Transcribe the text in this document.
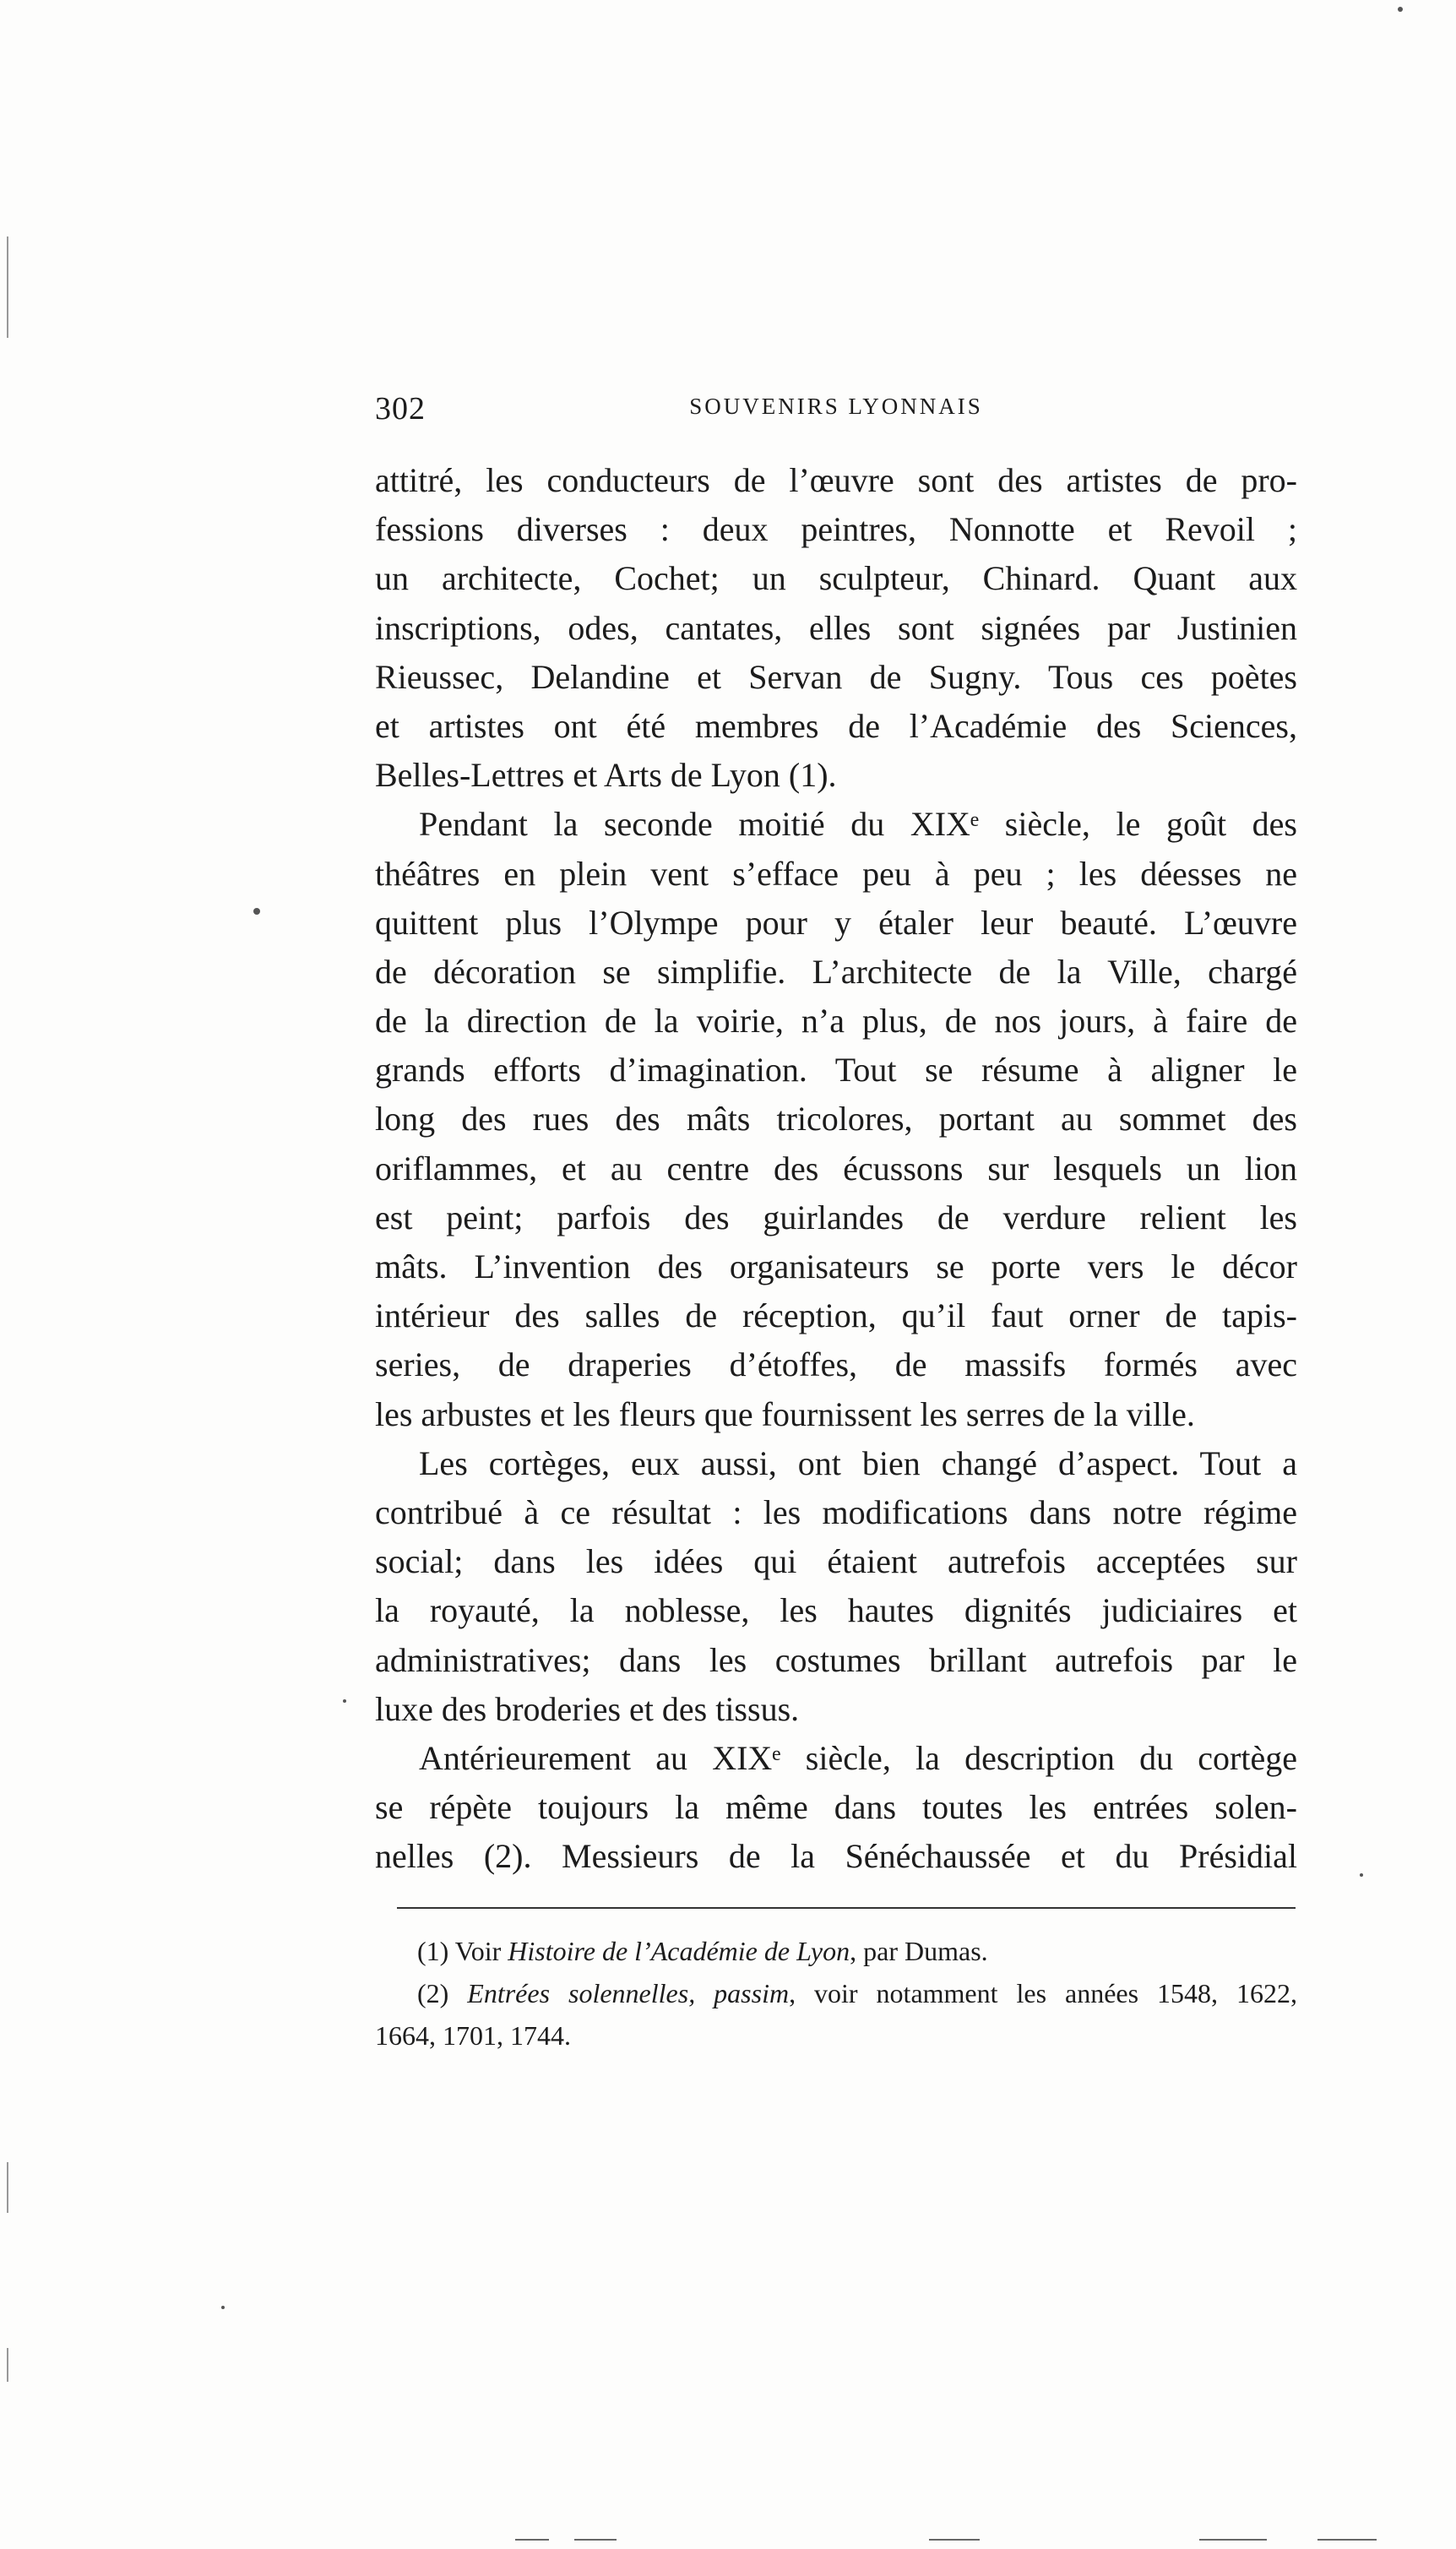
302	SOUVENIRS LYONNAIS
attitré, les conducteurs de l’œuvre sont des artistes de pro-
fessions diverses : deux peintres, Nonnotte et Revoil ;
un architecte, Cochet; un sculpteur, Chinard. Quant aux
inscriptions, odes, cantates, elles sont signées par Justinien
Rieussec, Delandine et Servan de Sugny. Tous ces poètes
et artistes ont été membres de l’Académie des Sciences,
Belles-Lettres et Arts de Lyon (1).
Pendant la seconde moitié du XIXᵉ siècle, le goût des
théâtres en plein vent s’efface peu à peu ; les déesses ne
quittent plus l’Olympe pour y étaler leur beauté. L’œuvre
de décoration se simplifie. L’architecte de la Ville, chargé
de la direction de la voirie, n’a plus, de nos jours, à faire de
grands efforts d’imagination. Tout se résume à aligner le
long des rues des mâts tricolores, portant au sommet des
oriflammes, et au centre des écussons sur lesquels un lion
est peint; parfois des guirlandes de verdure relient les
mâts. L’invention des organisateurs se porte vers le décor
intérieur des salles de réception, qu’il faut orner de tapis-
series, de draperies d’étoffes, de massifs formés avec
les arbustes et les fleurs que fournissent les serres de la ville.
Les cortèges, eux aussi, ont bien changé d’aspect. Tout a
contribué à ce résultat : les modifications dans notre régime
social; dans les idées qui étaient autrefois acceptées sur
la royauté, la noblesse, les hautes dignités judiciaires et
administratives; dans les costumes brillant autrefois par le
luxe des broderies et des tissus.
Antérieurement au XIXᵉ siècle, la description du cortège
se répète toujours la même dans toutes les entrées solen-
nelles (2). Messieurs de la Sénéchaussée et du Présidial
(1) Voir Histoire de l’Académie de Lyon, par Dumas.
(2) Entrées solennelles, passim, voir notamment les années 1548, 1622,
1664, 1701, 1744.
